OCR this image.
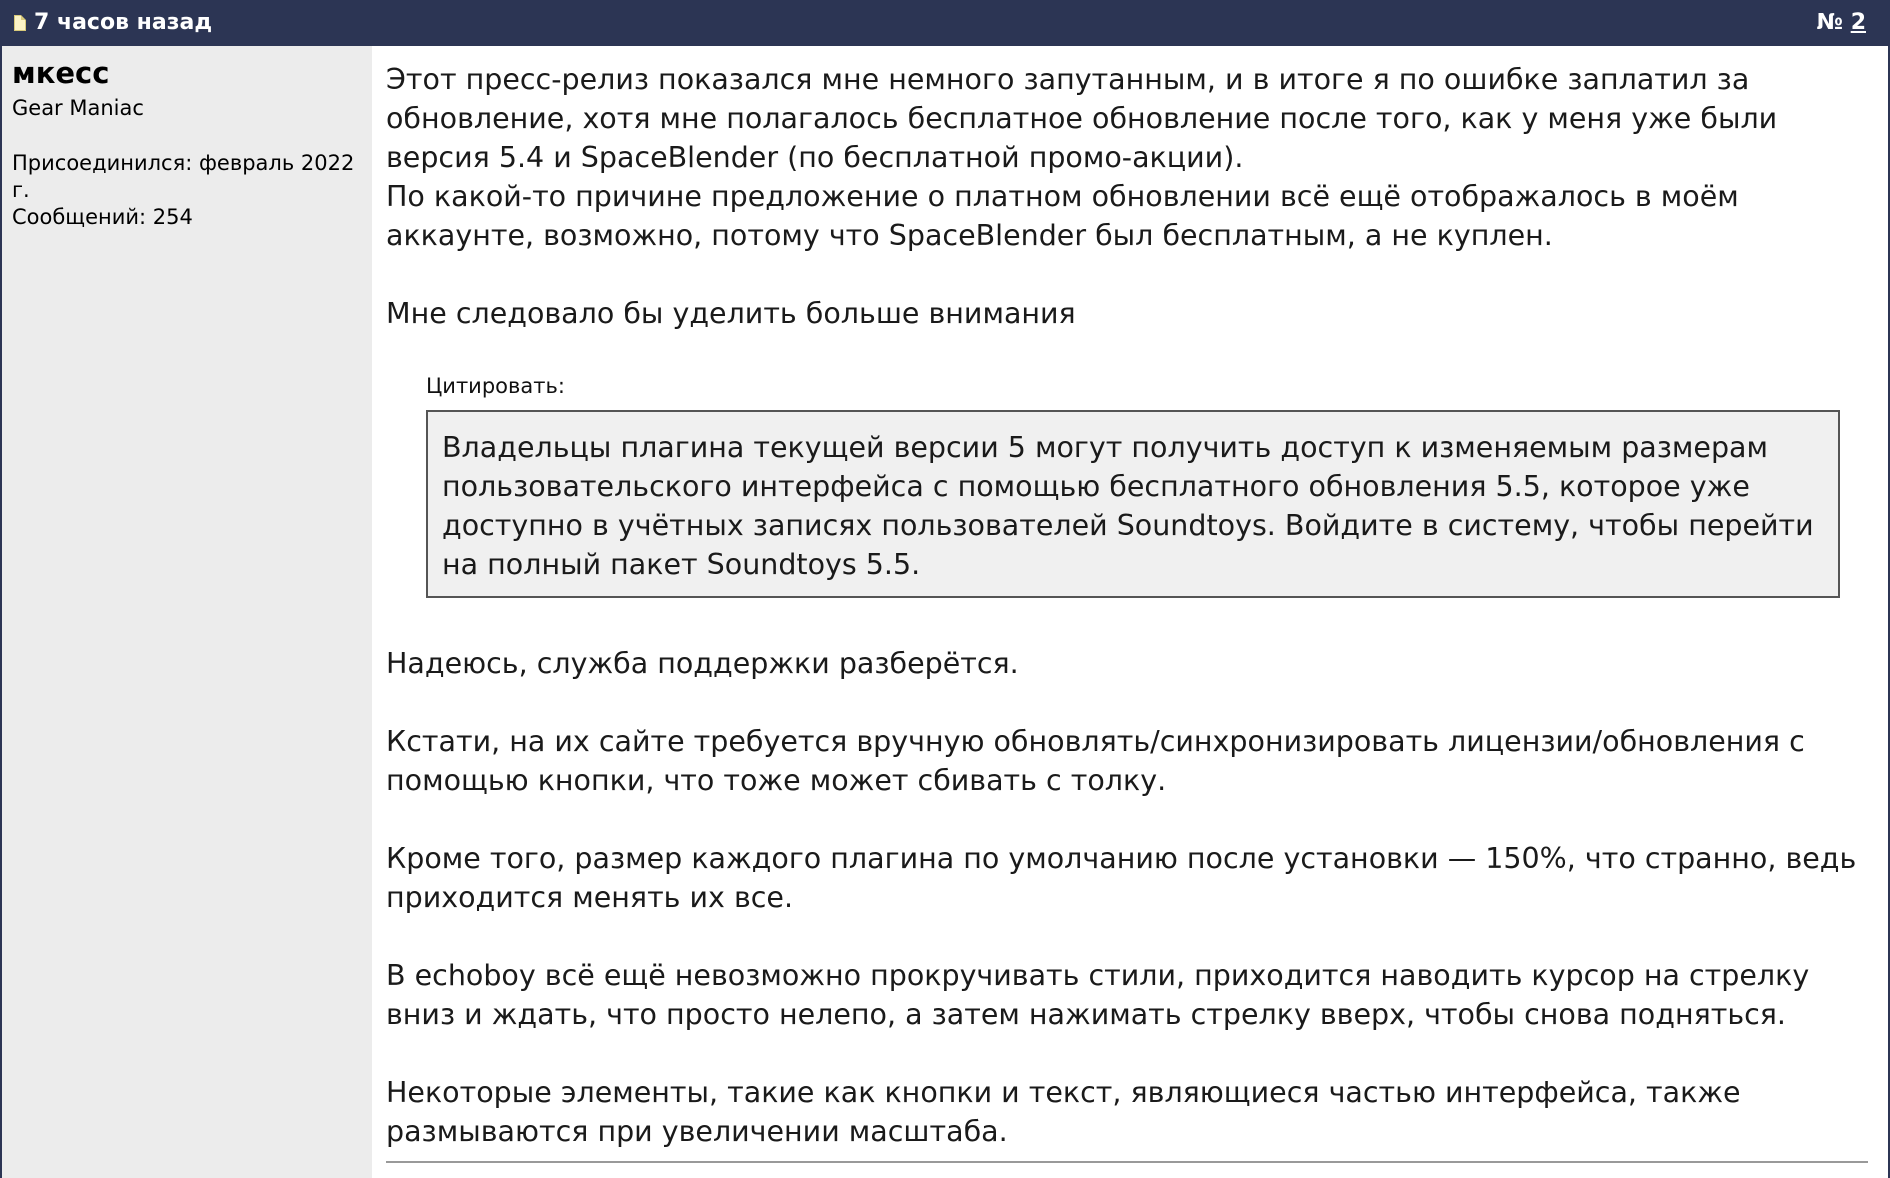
7 часов назад	№ 2
мкесс
Gear Maniac
Присоединился: февраль 2022 г.
Сообщений: 254

Этот пресс-релиз показался мне немного запутанным, и в итоге я по ошибке заплатил за обновление, хотя мне полагалось бесплатное обновление после того, как у меня уже были версия 5.4 и SpaceBlender (по бесплатной промо-акции).

По какой-то причине предложение о платном обновлении всё ещё отображалось в моём аккаунте, возможно, потому что SpaceBlender был бесплатным, а не куплен.

Мне следовало бы уделить больше внимания

Цитировать:
Владельцы плагина текущей версии 5 могут получить доступ к изменяемым размерам пользовательского интерфейса с помощью бесплатного обновления 5.5, которое уже доступно в учётных записях пользователей Soundtoys. Войдите в систему, чтобы перейти на полный пакет Soundtoys 5.5.

Надеюсь, служба поддержки разберётся.

Кстати, на их сайте требуется вручную обновлять/синхронизировать лицензии/обновления с помощью кнопки, что тоже может сбивать с толку.

Кроме того, размер каждого плагина по умолчанию после установки — 150%, что странно, ведь приходится менять их все.

В echoboy всё ещё невозможно прокручивать стили, приходится наводить курсор на стрелку вниз и ждать, что просто нелепо, а затем нажимать стрелку вверх, чтобы снова подняться.

Некоторые элементы, такие как кнопки и текст, являющиеся частью интерфейса, также размываются при увеличении масштаба.
